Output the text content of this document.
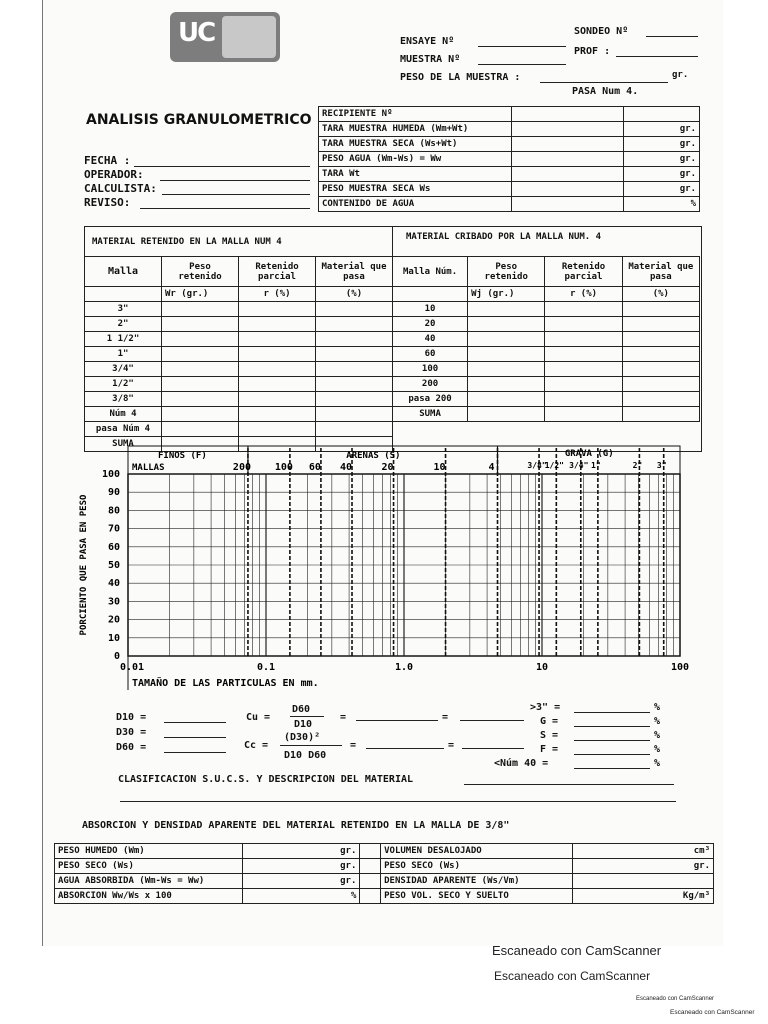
UC	ENSAYE Nº
SONDEO Nº
MUESTRA Nº
PROF :
PESO DE LA MUESTRA :	gr.
PASA Num 4.
ANALISIS GRANULOMETRICO
FECHA :
OPERADOR:
CALCULISTA:
REVISO:
RECIPIENTE Nº		
TARA MUESTRA HUMEDA (Wm+Wt)		gr.
TARA MUESTRA SECA (Ws+Wt)		gr.
PESO AGUA (Wm-Ws) = Ww		gr.
TARA Wt		gr.
PESO MUESTRA SECA Ws		gr.
CONTENIDO DE AGUA		%
MATERIAL RETENIDO EN LA MALLA NUM 4	MATERIAL CRIBADO POR LA MALLA NUM. 4
Malla	Peso retenido	Retenido parcial	Material que pasa
	Wr (gr.)	r (%)	(%)
3"			
2"			
1 1/2"			
1"			
3/4"			
1/2"			
3/8"			
Núm 4			
pasa Núm 4			
SUMA			
Malla Núm.	Peso retenido	Retenido parcial	Material que pasa
	Wj (gr.)	r (%)	(%)
10			
20			
40			
60			
100			
200			
pasa 200			
SUMA			
100
90
80
70
60
50
40
30
20
10
0
0.01	0.1	1.0	10	100
PORCIENTO QUE PASA EN PESO
TAMAÑO DE LAS PARTICULAS EN mm.
FINOS (F)
MALLAS
ARENAS (S)	GRAVA (G)
200 100 60 40	20	10	4	3/8"
1/2" 3/4" 1"	2" 3"
D10 =
D30 =
D60 =
Cu =
D60
D10
=	=
Cc =
(D30)²
D10 D60
=	=
>3" =	%
G =	%
S =	%
F =	%
<Núm 40 =	%
CLASIFICACION S.U.C.S. Y DESCRIPCION DEL MATERIAL
ABSORCION Y DENSIDAD APARENTE DEL MATERIAL RETENIDO EN LA MALLA DE 3/8"
PESO HUMEDO (Wm)	gr.		VOLUMEN DESALOJADO	cm³
PESO SECO (Ws)	gr.		PESO SECO (Ws)	gr.
AGUA ABSORBIDA (Wm-Ws = Ww)	gr.		DENSIDAD APARENTE (Ws/Vm)	
ABSORCION Ww/Ws x 100	%		PESO VOL. SECO Y SUELTO	Kg/m³
Escaneado con CamScanner
Escaneado con CamScanner
Escaneado con CamScanner
Escaneado con CamScanner
